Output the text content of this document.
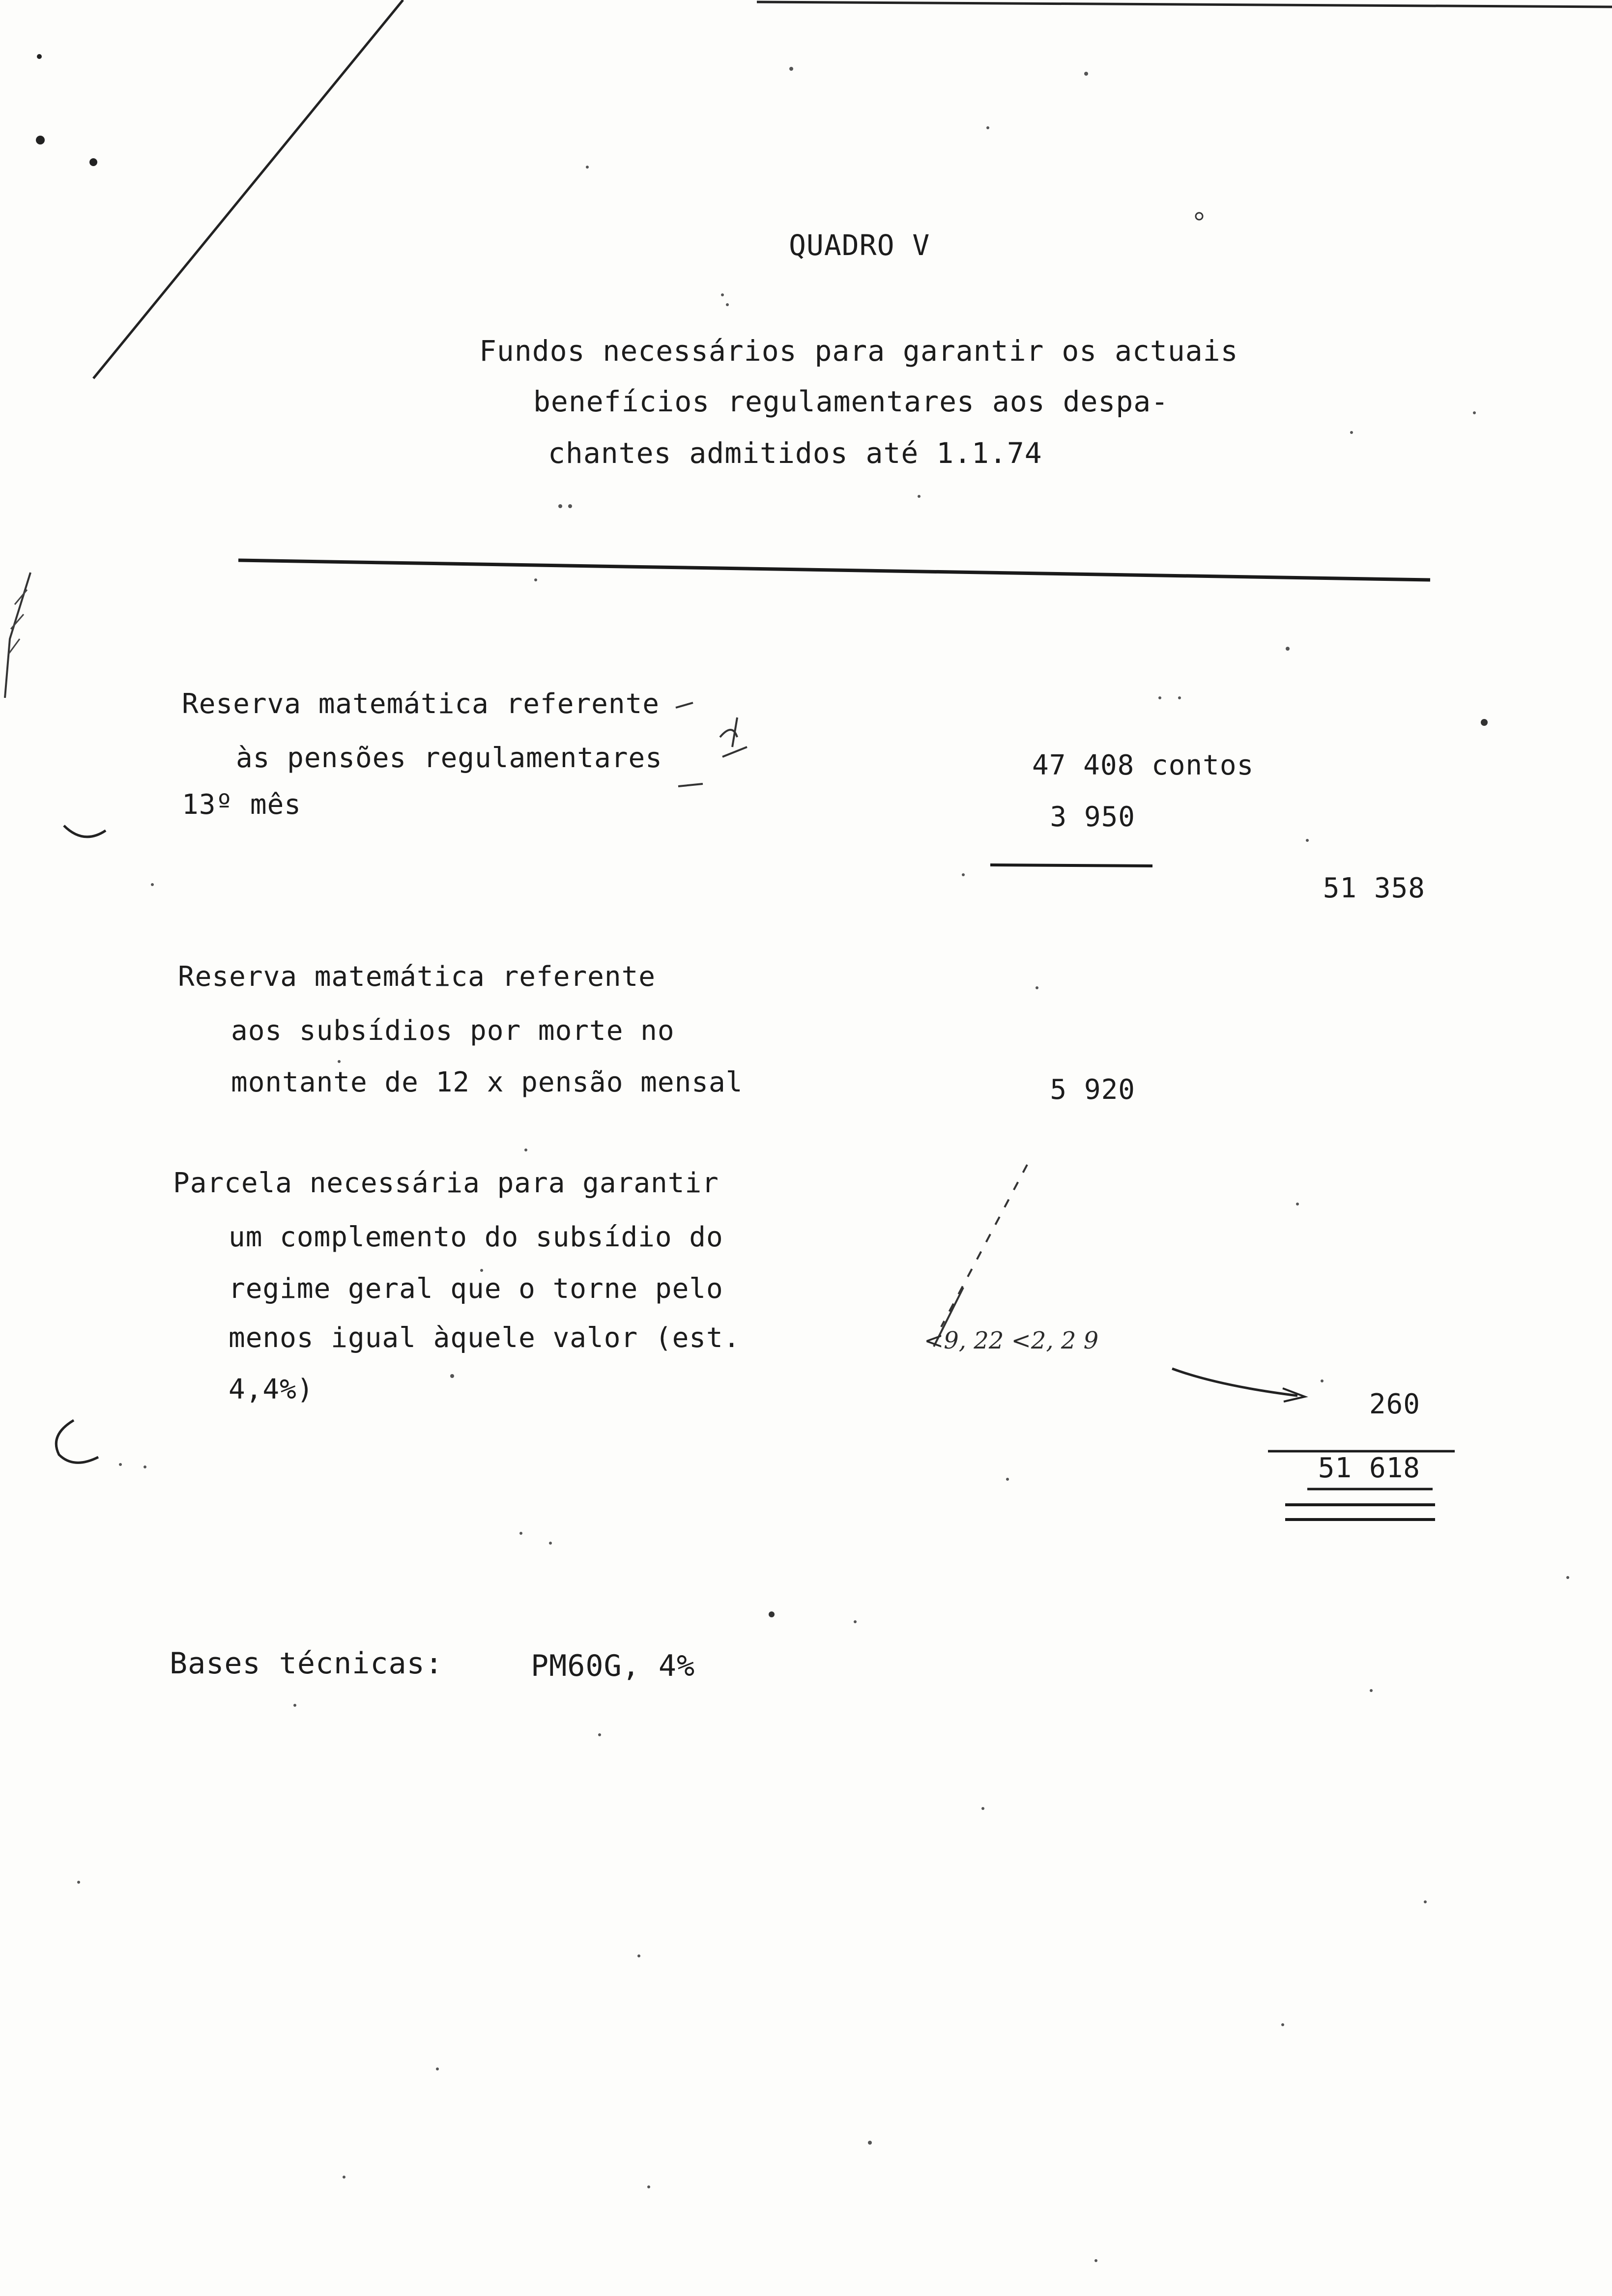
QUADRO V
Fundos necessários para garantir os actuais
benefícios regulamentares aos despa-
chantes admitidos até 1.1.74
Reserva matemática referente
às pensões regulamentares
13º mês
47 408 contos
3 950
51 358
Reserva matemática referente
aos subsídios por morte no
montante de 12 x pensão mensal	5 920
Parcela necessária para garantir
um complemento do subsídio do
regime geral que o torne pelo
menos igual àquele valor (est.
4,4%)
<9, 22 <2, 2 9
260
51 618
Bases técnicas:	PM60G, 4%
